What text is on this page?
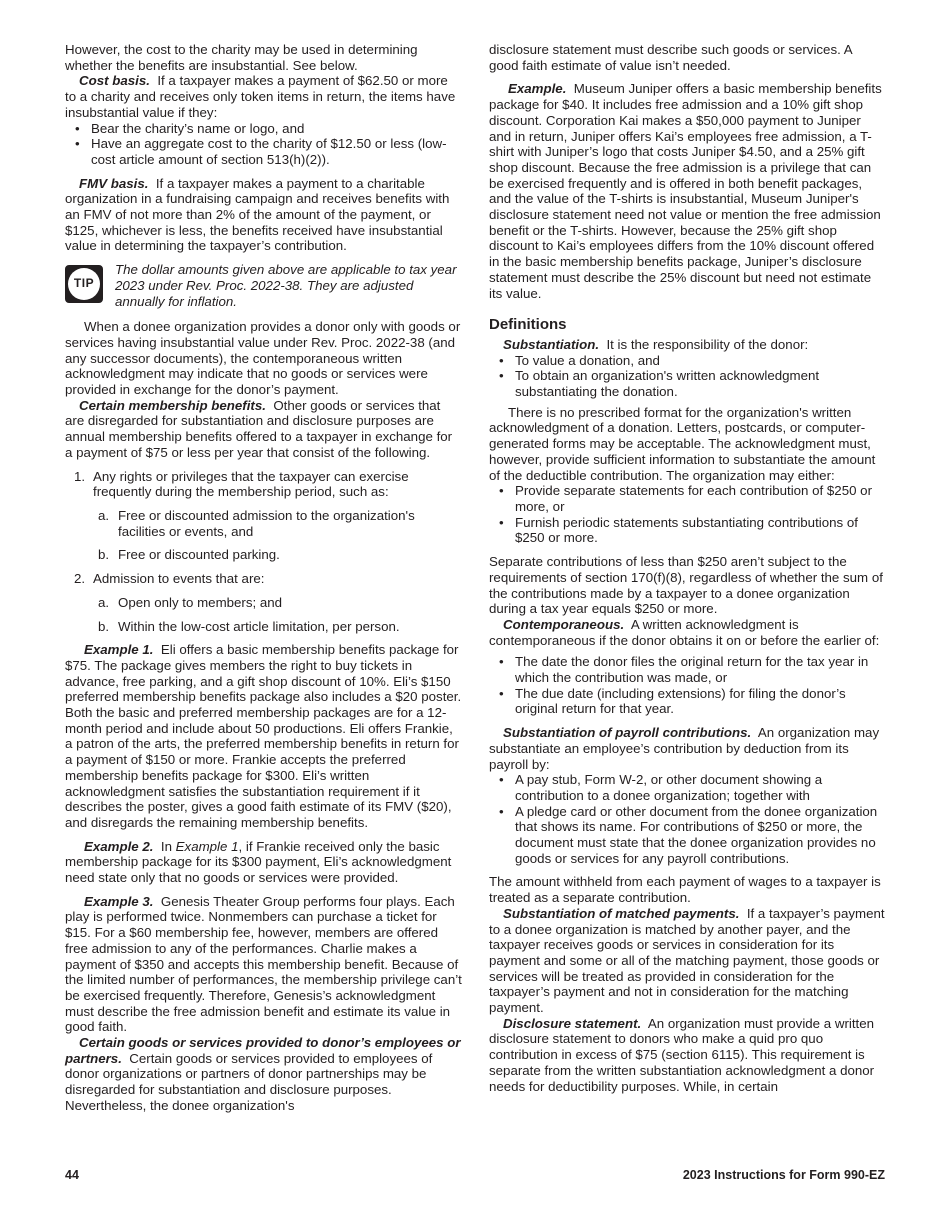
However, the cost to the charity may be used in determining whether the benefits are insubstantial. See below.

Cost basis. If a taxpayer makes a payment of $62.50 or more to a charity and receives only token items in return, the items have insubstantial value if they:

• Bear the charity’s name or logo, and
• Have an aggregate cost to the charity of $12.50 or less (low-cost article amount of section 513(h)(2)).

FMV basis. If a taxpayer makes a payment to a charitable organization in a fundraising campaign and receives benefits with an FMV of not more than 2% of the amount of the payment, or $125, whichever is less, the benefits received have insubstantial value in determining the taxpayer’s contribution.

TIP
The dollar amounts given above are applicable to tax year 2023 under Rev. Proc. 2022-38. They are adjusted annually for inflation.

When a donee organization provides a donor only with goods or services having insubstantial value under Rev. Proc. 2022-38 (and any successor documents), the contemporaneous written acknowledgment may indicate that no goods or services were provided in exchange for the donor’s payment.

Certain membership benefits. Other goods or services that are disregarded for substantiation and disclosure purposes are annual membership benefits offered to a taxpayer in exchange for a payment of $75 or less per year that consist of the following.

1. Any rights or privileges that the taxpayer can exercise frequently during the membership period, such as:
a. Free or discounted admission to the organization's facilities or events, and
b. Free or discounted parking.
2. Admission to events that are:
a. Open only to members; and
b. Within the low-cost article limitation, per person.

Example 1. Eli offers a basic membership benefits package for $75. The package gives members the right to buy tickets in advance, free parking, and a gift shop discount of 10%. Eli’s $150 preferred membership benefits package also includes a $20 poster. Both the basic and preferred membership packages are for a 12-month period and include about 50 productions. Eli offers Frankie, a patron of the arts, the preferred membership benefits in return for a payment of $150 or more. Frankie accepts the preferred membership benefits package for $300. Eli’s written acknowledgment satisfies the substantiation requirement if it describes the poster, gives a good faith estimate of its FMV ($20), and disregards the remaining membership benefits.

Example 2. In Example 1, if Frankie received only the basic membership package for its $300 payment, Eli’s acknowledgment need state only that no goods or services were provided.

Example 3. Genesis Theater Group performs four plays. Each play is performed twice. Nonmembers can purchase a ticket for $15. For a $60 membership fee, however, members are offered free admission to any of the performances. Charlie makes a payment of $350 and accepts this membership benefit. Because of the limited number of performances, the membership privilege can’t be exercised frequently. Therefore, Genesis’s acknowledgment must describe the free admission benefit and estimate its value in good faith.

Certain goods or services provided to donor’s employees or partners. Certain goods or services provided to employees of donor organizations or partners of donor partnerships may be disregarded for substantiation and disclosure purposes. Nevertheless, the donee organization's

disclosure statement must describe such goods or services. A good faith estimate of value isn’t needed.

Example. Museum Juniper offers a basic membership benefits package for $40. It includes free admission and a 10% gift shop discount. Corporation Kai makes a $50,000 payment to Juniper and in return, Juniper offers Kai’s employees free admission, a T-shirt with Juniper’s logo that costs Juniper $4.50, and a 25% gift shop discount. Because the free admission is a privilege that can be exercised frequently and is offered in both benefit packages, and the value of the T-shirts is insubstantial, Museum Juniper's disclosure statement need not value or mention the free admission benefit or the T-shirts. However, because the 25% gift shop discount to Kai’s employees differs from the 10% discount offered in the basic membership benefits package, Juniper’s disclosure statement must describe the 25% discount but need not estimate its value.

Definitions

Substantiation. It is the responsibility of the donor:

• To value a donation, and
• To obtain an organization's written acknowledgment substantiating the donation.

There is no prescribed format for the organization's written acknowledgment of a donation. Letters, postcards, or computer-generated forms may be acceptable. The acknowledgment must, however, provide sufficient information to substantiate the amount of the deductible contribution. The organization may either:

• Provide separate statements for each contribution of $250 or more, or
• Furnish periodic statements substantiating contributions of $250 or more.

Separate contributions of less than $250 aren’t subject to the requirements of section 170(f)(8), regardless of whether the sum of the contributions made by a taxpayer to a donee organization during a tax year equals $250 or more.

Contemporaneous. A written acknowledgment is contemporaneous if the donor obtains it on or before the earlier of:

• The date the donor files the original return for the tax year in which the contribution was made, or
• The due date (including extensions) for filing the donor’s original return for that year.

Substantiation of payroll contributions. An organization may substantiate an employee’s contribution by deduction from its payroll by:

• A pay stub, Form W-2, or other document showing a contribution to a donee organization; together with
• A pledge card or other document from the donee organization that shows its name. For contributions of $250 or more, the document must state that the donee organization provides no goods or services for any payroll contributions.

The amount withheld from each payment of wages to a taxpayer is treated as a separate contribution.

Substantiation of matched payments. If a taxpayer’s payment to a donee organization is matched by another payer, and the taxpayer receives goods or services in consideration for its payment and some or all of the matching payment, those goods or services will be treated as provided in consideration for the taxpayer’s payment and not in consideration for the matching payment.

Disclosure statement. An organization must provide a written disclosure statement to donors who make a quid pro quo contribution in excess of $75 (section 6115). This requirement is separate from the written substantiation acknowledgment a donor needs for deductibility purposes. While, in certain

44	2023 Instructions for Form 990-EZ
